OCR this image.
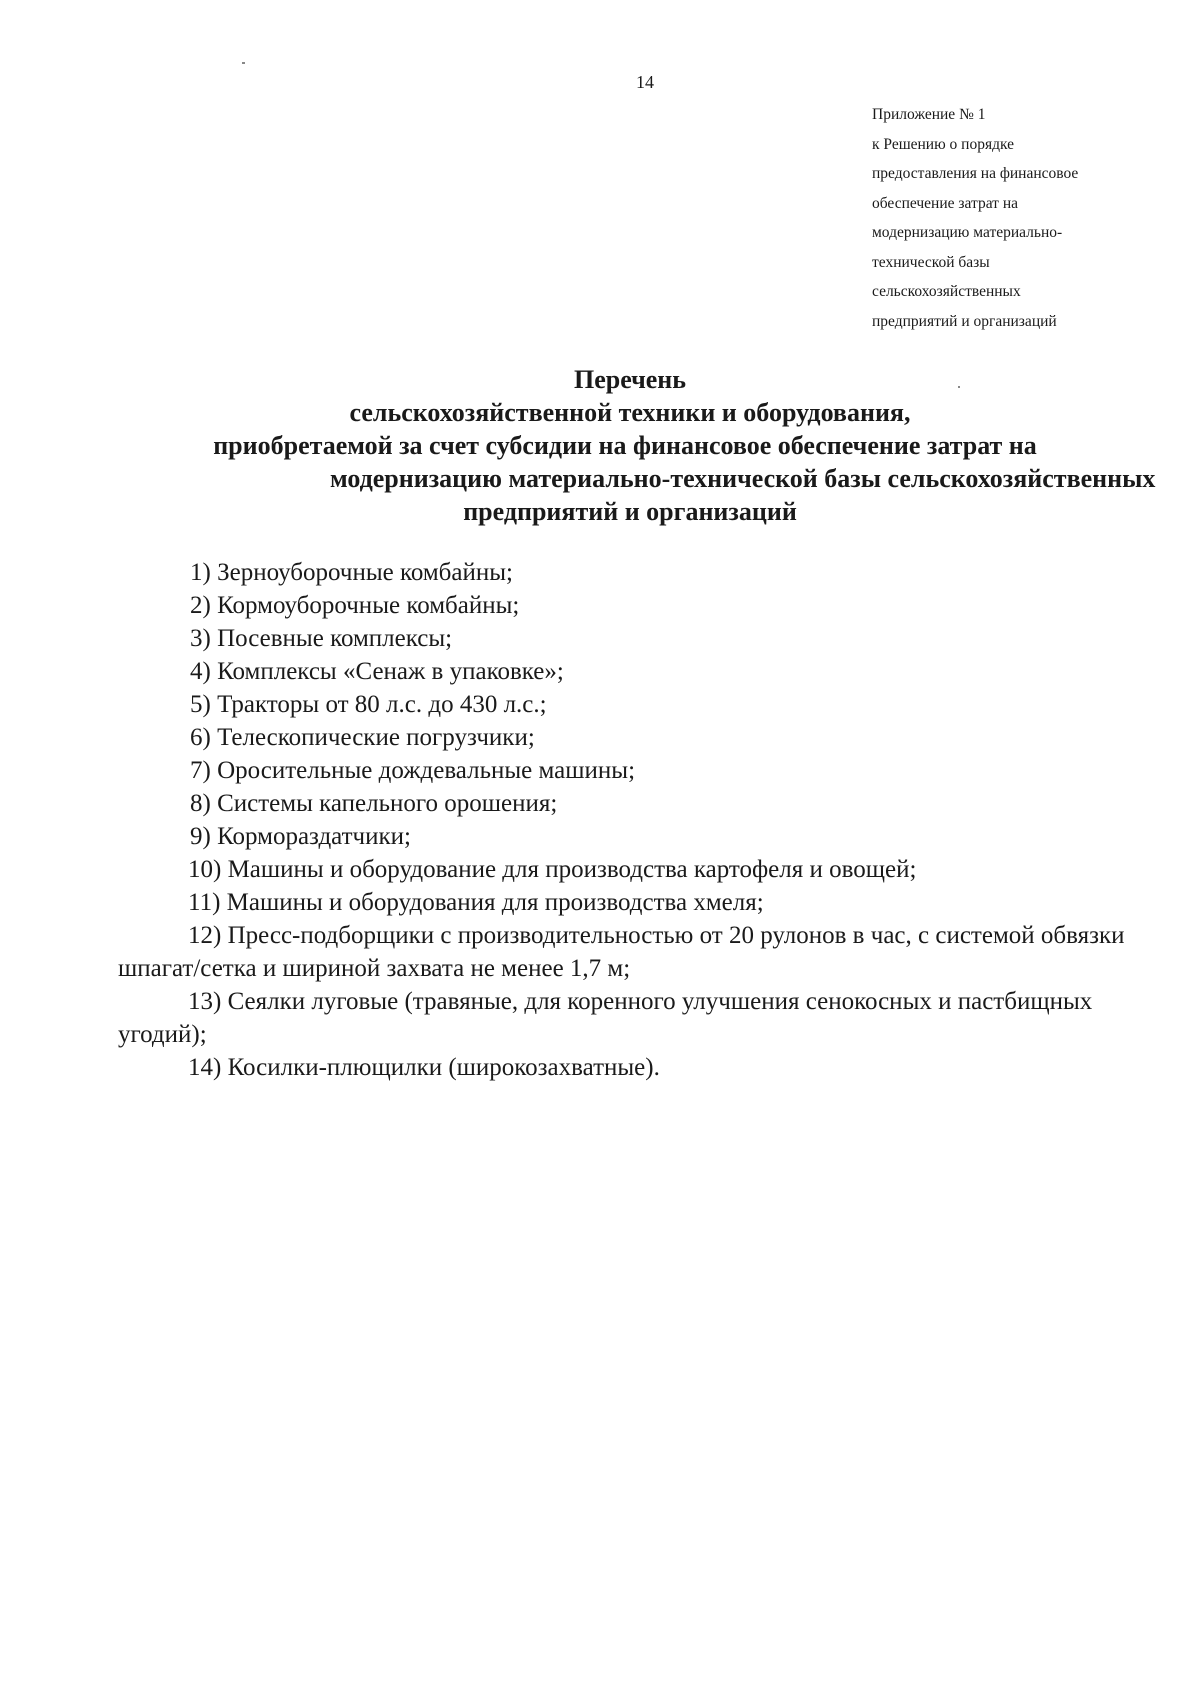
14
Приложение № 1
к Решению о порядке
предоставления на финансовое
обеспечение затрат на
модернизацию материально-
технической базы
сельскохозяйственных
предприятий и организаций
Перечень
сельскохозяйственной техники и оборудования,
приобретаемой за счет субсидии на финансовое обеспечение затрат на
модернизацию материально-технической базы сельскохозяйственных
предприятий и организаций
1) Зерноуборочные комбайны;
2) Кормоуборочные комбайны;
3) Посевные комплексы;
4) Комплексы «Сенаж в упаковке»;
5) Тракторы от 80 л.с. до 430 л.с.;
6) Телескопические погрузчики;
7) Оросительные дождевальные машины;
8) Системы капельного орошения;
9) Кормораздатчики;
10) Машины и оборудование для производства картофеля и овощей;
11) Машины и оборудования для производства хмеля;
12) Пресс-подборщики с производительностью от 20 рулонов в час, с системой обвязки шпагат/сетка и шириной захвата не менее 1,7 м;
13) Сеялки луговые (травяные, для коренного улучшения сенокосных и пастбищных угодий);
14) Косилки-плющилки (широкозахватные).
